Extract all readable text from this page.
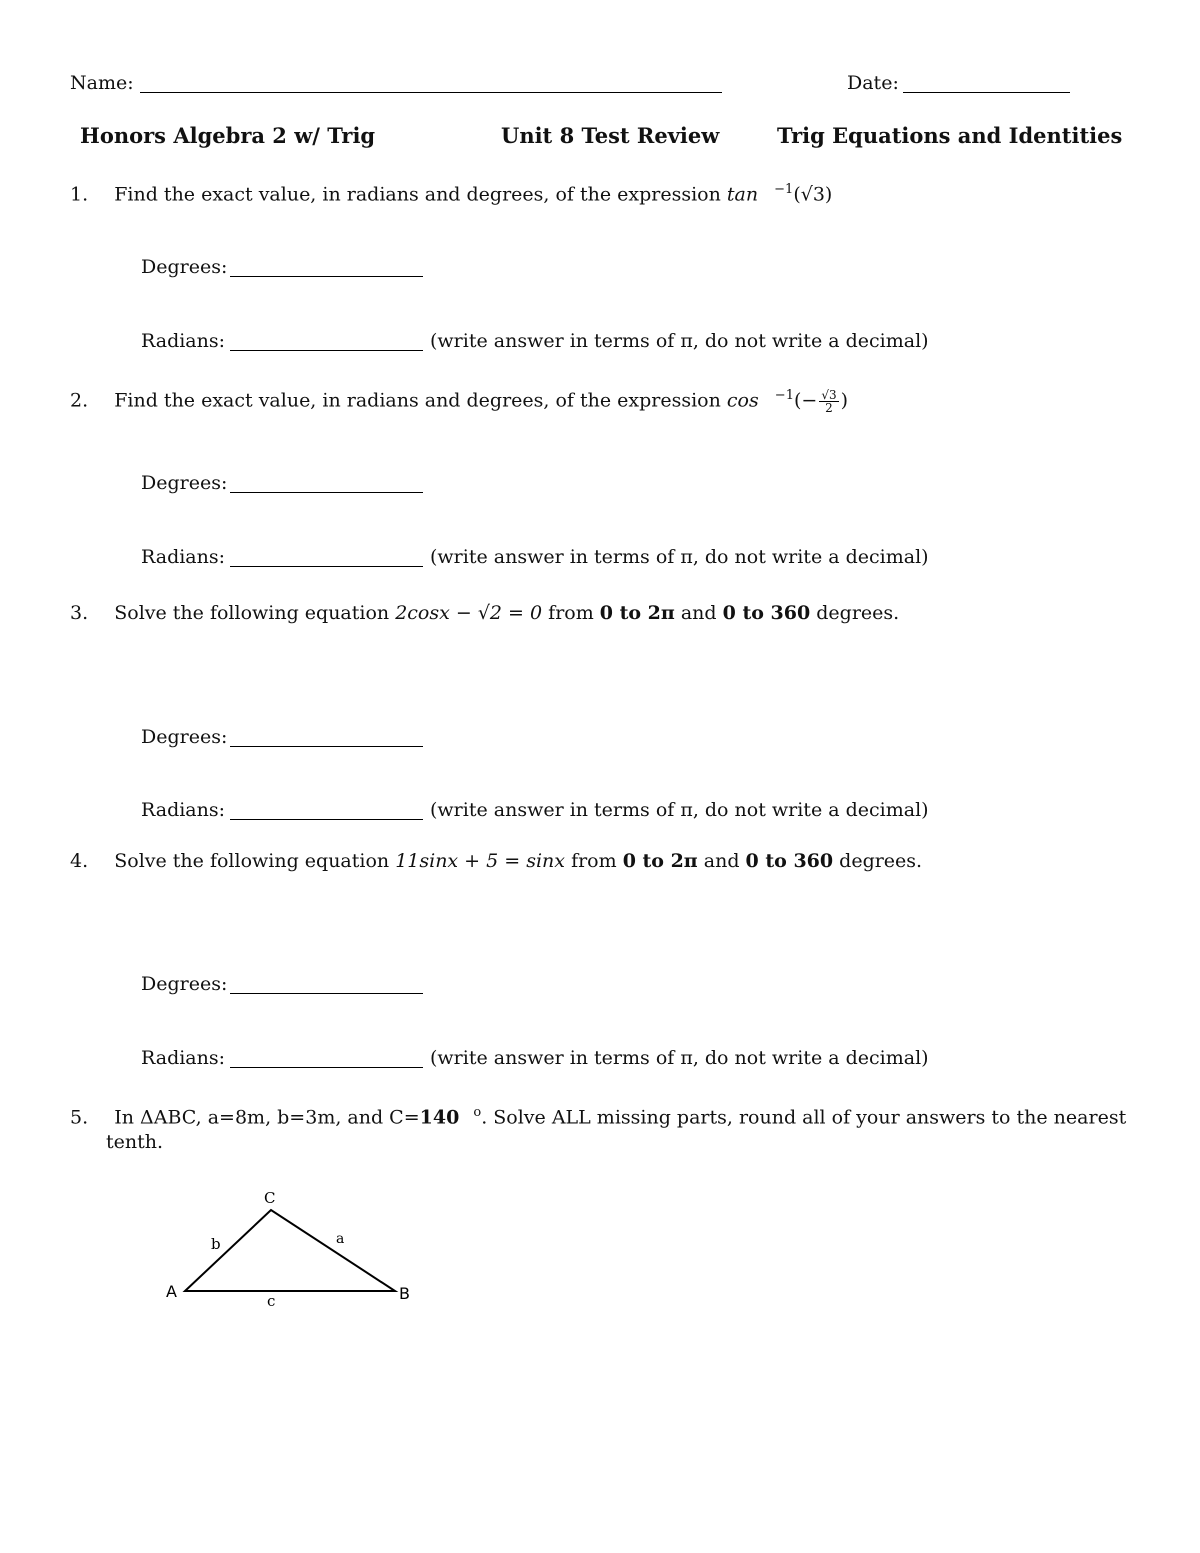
Name:	Date:
Honors Algebra 2 w/ Trig	Unit 8 Test Review	Trig Equations and Identities
1. Find the exact value, in radians and degrees, of the expression tan $^{-1}$(√3)
Degrees:
Radians:	(write answer in terms of π, do not write a decimal)
2. Find the exact value, in radians and degrees, of the expression $\cos ^{-1}(- \frac{√3}{2}$ )
Degrees:
Radians:	(write answer in terms of π, do not write a decimal)
3. Solve the following equation 2cosx − √2 = 0 from 0 to 2π and 0 to 360 degrees.
Degrees:
Radians:	(write answer in terms of π, do not write a decimal)
4. Solve the following equation 11sinx + 5 = sinx from 0 to 2π and 0 to 360 degrees.
Degrees:
Radians:	(write answer in terms of π, do not write a decimal)
5. In ΔABC, a=8m, b=3m, and C=140 $^o$. Solve ALL missing parts, round all of your answers to the nearest
tenth.
C
A	B
b	a
c
